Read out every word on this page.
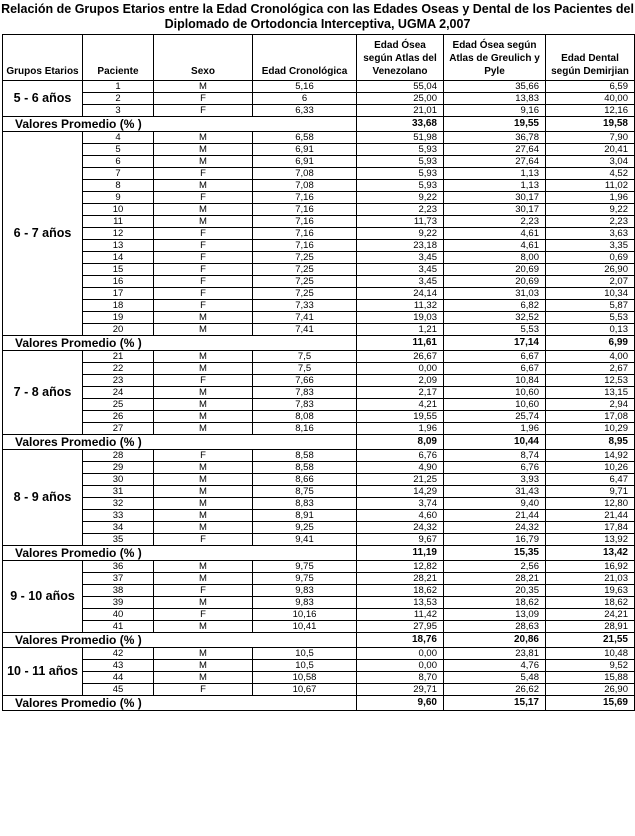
Relación de Grupos Etarios entre la Edad Cronológica con las Edades Oseas y Dental de los Pacientes del Diplomado de Ortodoncia Interceptiva, UGMA 2,007
Grupos Etarios	Paciente	Sexo	Edad Cronológica	Edad Ósea según Atlas del Venezolano	Edad Ósea según Atlas de Greulich y Pyle	Edad Dental según Demirjian
5 - 6 años	1	M	5,16	55,04	35,66	6,59
	2	F	6	25,00	13,83	40,00
	3	F	6,33	21,01	9,16	12,16
Valores Promedio (% )				33,68	19,55	19,58
6 - 7 años	4	M	6,58	51,98	36,78	7,90
	5	M	6,91	5,93	27,64	20,41
	6	M	6,91	5,93	27,64	3,04
	7	F	7,08	5,93	1,13	4,52
	8	M	7,08	5,93	1,13	11,02
	9	F	7,16	9,22	30,17	1,96
	10	M	7,16	2,23	30,17	9,22
	11	M	7,16	11,73	2,23	2,23
	12	F	7,16	9,22	4,61	3,63
	13	F	7,16	23,18	4,61	3,35
	14	F	7,25	3,45	8,00	0,69
	15	F	7,25	3,45	20,69	26,90
	16	F	7,25	3,45	20,69	2,07
	17	F	7,25	24,14	31,03	10,34
	18	F	7,33	11,32	6,82	5,87
	19	M	7,41	19,03	32,52	5,53
	20	M	7,41	1,21	5,53	0,13
Valores Promedio (% )				11,61	17,14	6,99
7 - 8 años	21	M	7,5	26,67	6,67	4,00
	22	M	7,5	0,00	6,67	2,67
	23	F	7,66	2,09	10,84	12,53
	24	M	7,83	2,17	10,60	13,15
	25	M	7,83	4,21	10,60	2,94
	26	M	8,08	19,55	25,74	17,08
	27	M	8,16	1,96	1,96	10,29
Valores Promedio (% )				8,09	10,44	8,95
8 - 9 años	28	F	8,58	6,76	8,74	14,92
	29	M	8,58	4,90	6,76	10,26
	30	M	8,66	21,25	3,93	6,47
	31	M	8,75	14,29	31,43	9,71
	32	M	8,83	3,74	9,40	12,80
	33	M	8,91	4,60	21,44	21,44
	34	M	9,25	24,32	24,32	17,84
	35	F	9,41	9,67	16,79	13,92
Valores Promedio (% )				11,19	15,35	13,42
9 - 10 años	36	M	9,75	12,82	2,56	16,92
	37	M	9,75	28,21	28,21	21,03
	38	F	9,83	18,62	20,35	19,63
	39	M	9,83	13,53	18,62	18,62
	40	F	10,16	11,42	13,09	24,21
	41	M	10,41	27,95	28,63	28,91
Valores Promedio (% )				18,76	20,86	21,55
10 - 11 años	42	M	10,5	0,00	23,81	10,48
	43	M	10,5	0,00	4,76	9,52
	44	M	10,58	8,70	5,48	15,88
	45	F	10,67	29,71	26,62	26,90
Valores Promedio (% )				9,60	15,17	15,69
